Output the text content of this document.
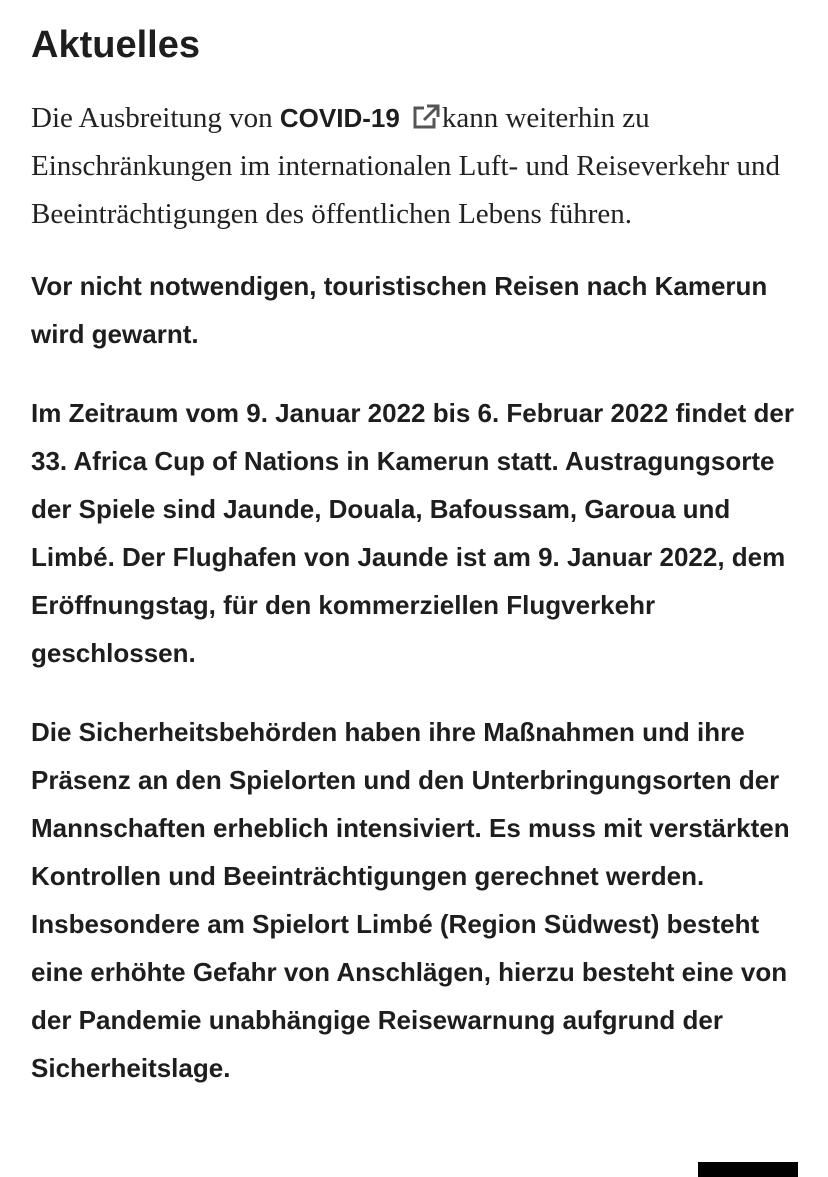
Aktuelles

Die Ausbreitung von COVID-19 kann weiterhin zu Einschränkungen im internationalen Luft- und Reiseverkehr und Beeinträchtigungen des öffentlichen Lebens führen.

Vor nicht notwendigen, touristischen Reisen nach Kamerun wird gewarnt.

Im Zeitraum vom 9. Januar 2022 bis 6. Februar 2022 findet der 33. Africa Cup of Nations in Kamerun statt. Austragungsorte der Spiele sind Jaunde, Douala, Bafoussam, Garoua und Limbé. Der Flughafen von Jaunde ist am 9. Januar 2022, dem Eröffnungstag, für den kommerziellen Flugverkehr geschlossen.

Die Sicherheitsbehörden haben ihre Maßnahmen und ihre Präsenz an den Spielorten und den Unterbringungsorten der Mannschaften erheblich intensiviert. Es muss mit verstärkten Kontrollen und Beeinträchtigungen gerechnet werden. Insbesondere am Spielort Limbé (Region Südwest) besteht eine erhöhte Gefahr von Anschlägen, hierzu besteht eine von der Pandemie unabhängige Reisewarnung aufgrund der Sicherheitslage.
